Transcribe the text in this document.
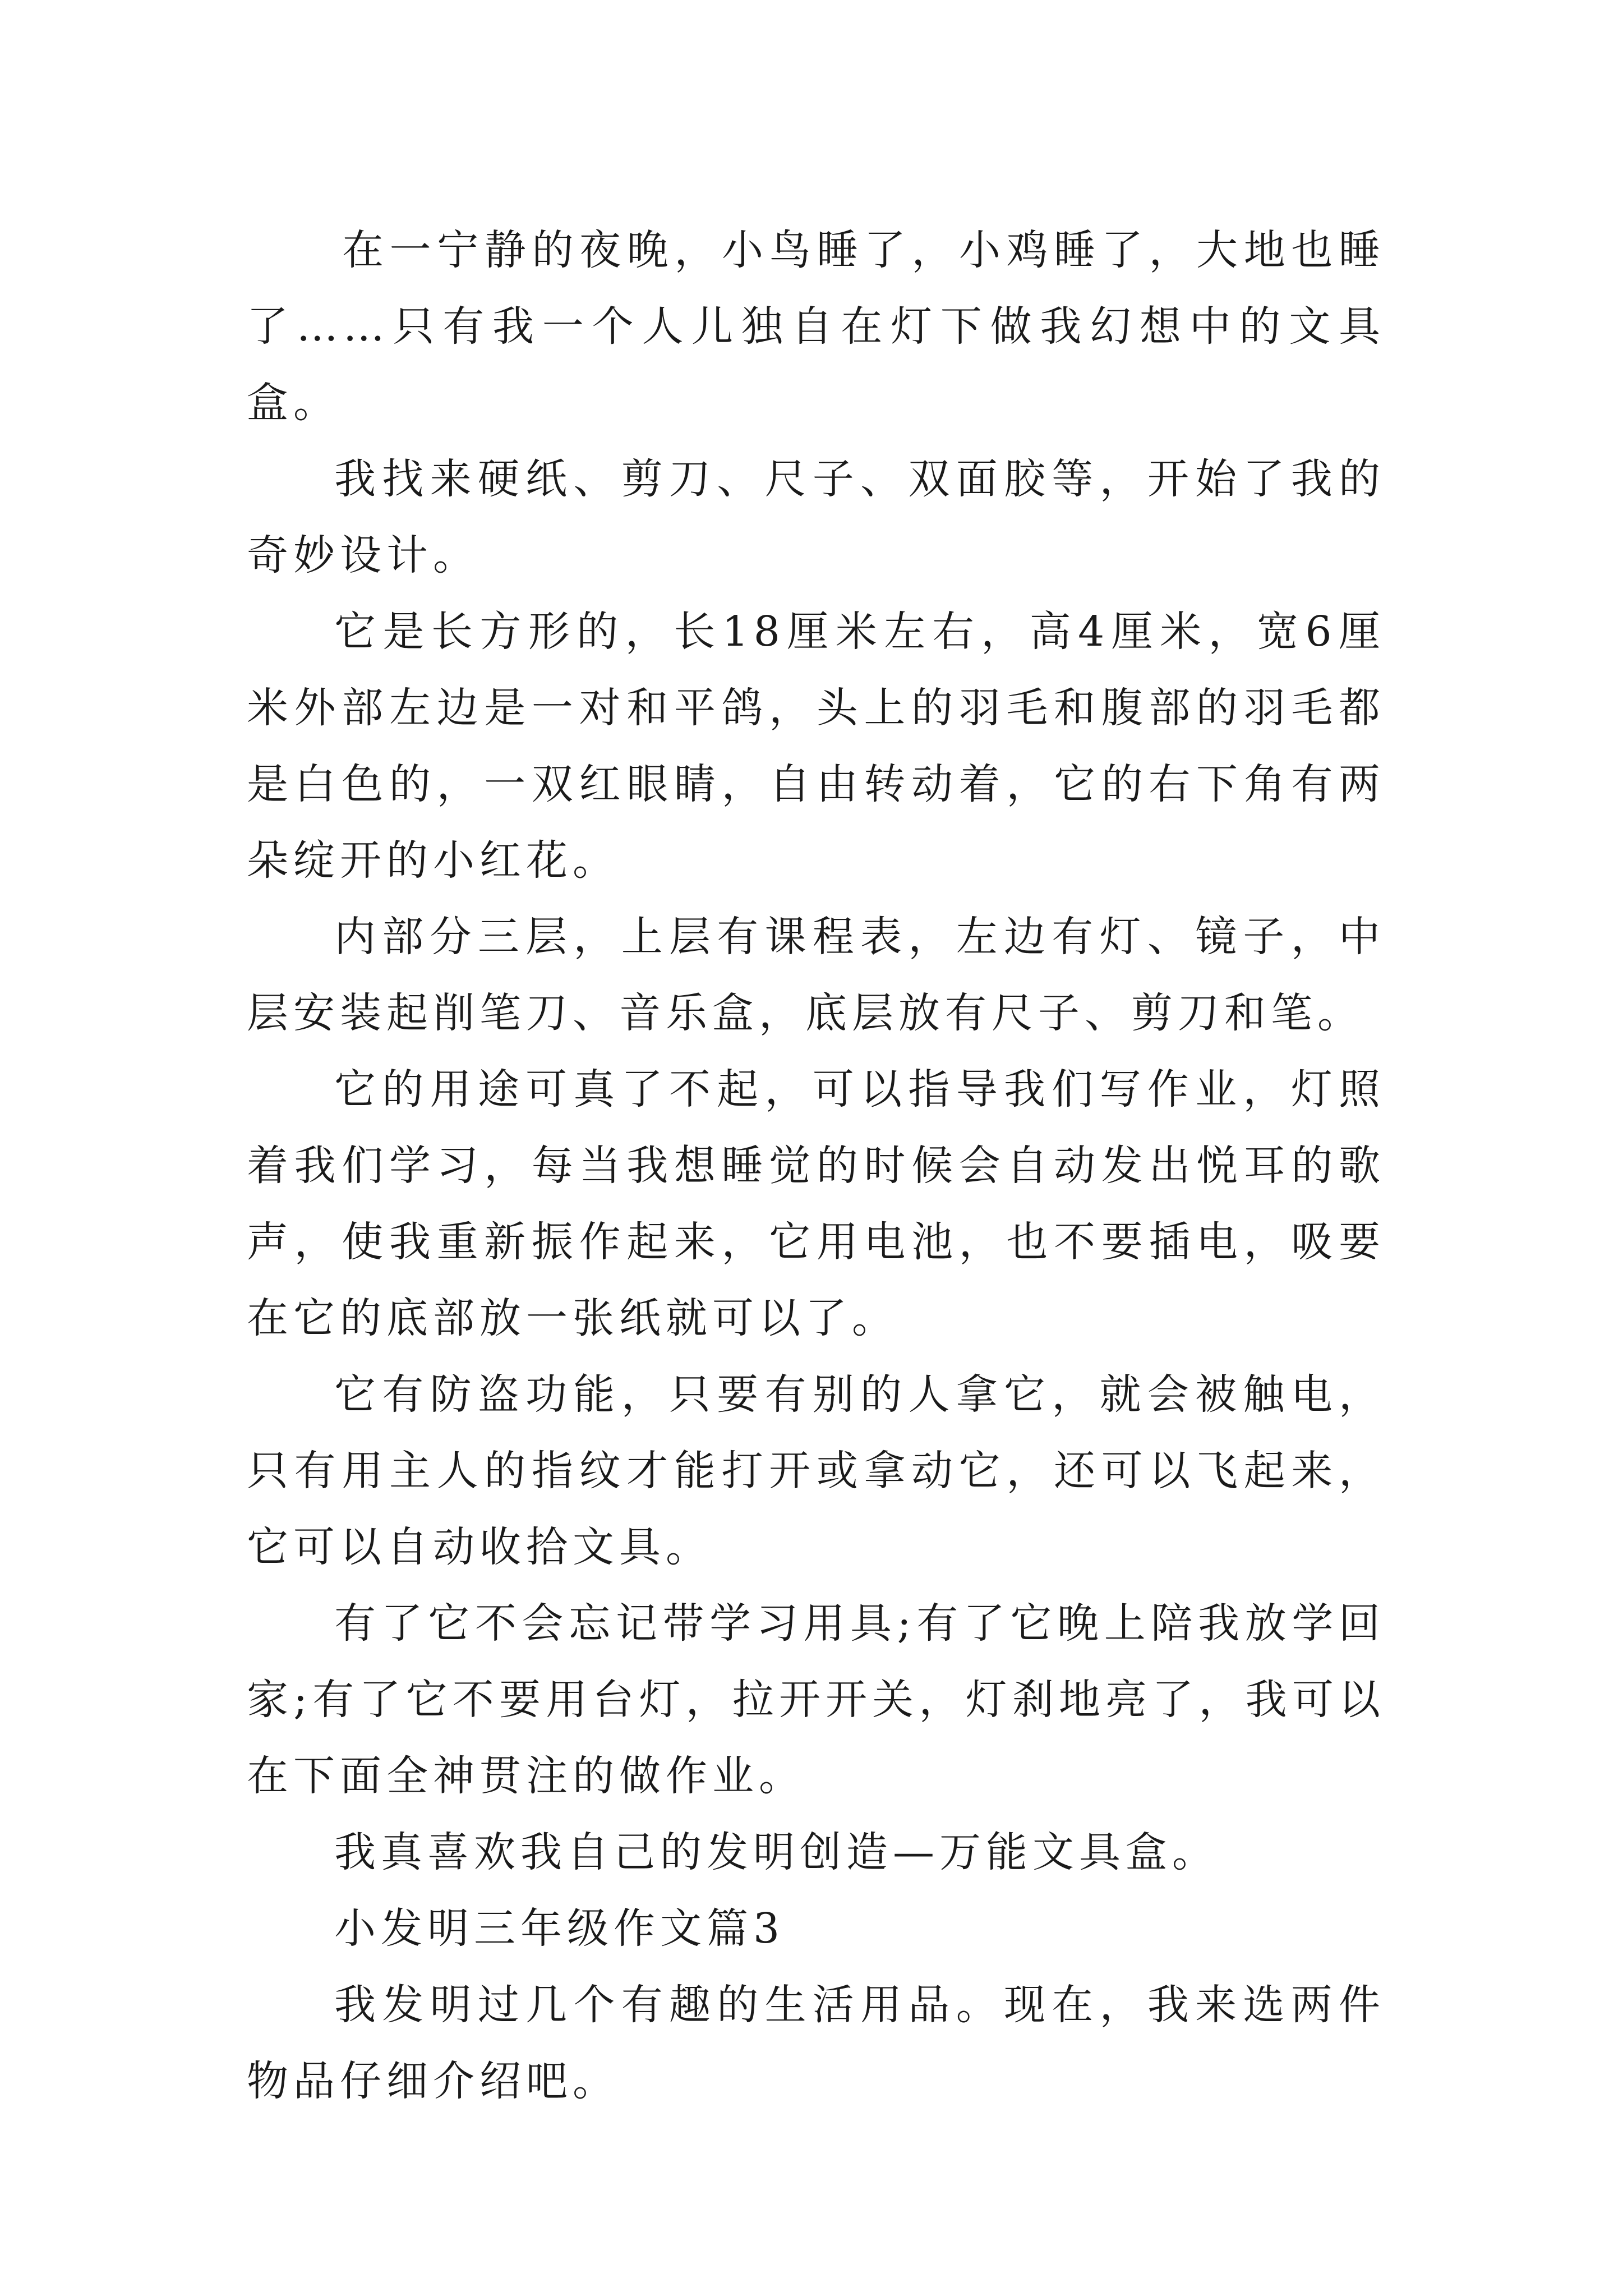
在一宁静的夜晚，小鸟睡了，小鸡睡了，大地也睡了……只有我一个人儿独自在灯下做我幻想中的文具盒。

我找来硬纸、剪刀、尺子、双面胶等，开始了我的奇妙设计。

它是长方形的，长18厘米左右，高4厘米，宽6厘米外部左边是一对和平鸽，头上的羽毛和腹部的羽毛都是白色的，一双红眼睛，自由转动着，它的右下角有两朵绽开的小红花。

内部分三层，上层有课程表，左边有灯、镜子，中层安装起削笔刀、音乐盒，底层放有尺子、剪刀和笔。

它的用途可真了不起，可以指导我们写作业，灯照着我们学习，每当我想睡觉的时候会自动发出悦耳的歌声，使我重新振作起来，它用电池，也不要插电，吸要在它的底部放一张纸就可以了。

它有防盗功能，只要有别的人拿它，就会被触电，只有用主人的指纹才能打开或拿动它，还可以飞起来，它可以自动收拾文具。

有了它不会忘记带学习用具;有了它晚上陪我放学回家;有了它不要用台灯，拉开开关，灯刹地亮了，我可以在下面全神贯注的做作业。

我真喜欢我自己的发明创造—万能文具盒。

小发明三年级作文篇3

我发明过几个有趣的生活用品。现在，我来选两件物品仔细介绍吧。
